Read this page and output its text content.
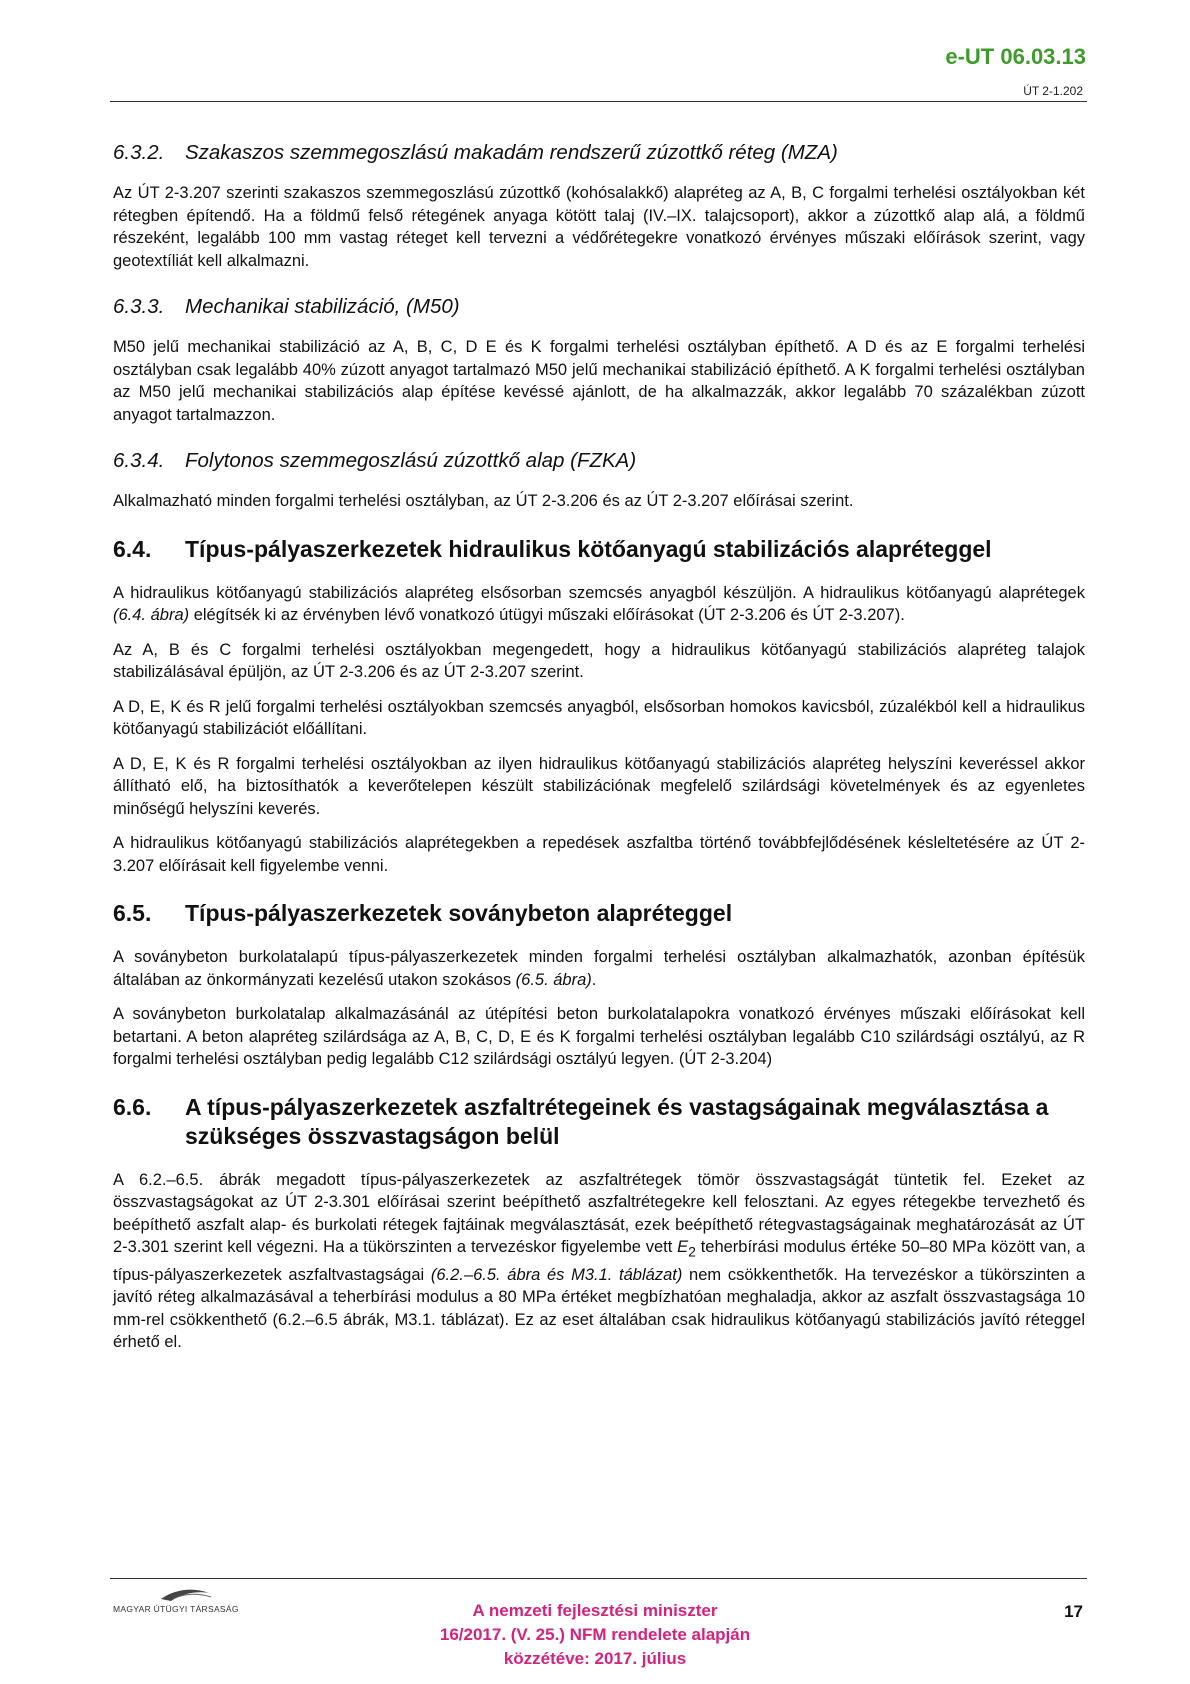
e-UT 06.03.13
ÚT 2-1.202
6.3.2. Szakaszos szemmegoszlású makadám rendszerű zúzottkő réteg (MZA)

Az ÚT 2-3.207 szerinti szakaszos szemmegoszlású zúzottkő (kohósalakkő) alapréteg az A, B, C forgalmi terhelési osztályokban két rétegben építendő. Ha a földmű felső rétegének anyaga kötött talaj (IV.–IX. talajcsoport), akkor a zúzottkő alap alá, a földmű részeként, legalább 100 mm vastag réteget kell tervezni a védőrétegekre vonatkozó érvényes műszaki előírások szerint, vagy geotextíliát kell alkalmazni.

6.3.3. Mechanikai stabilizáció, (M50)

M50 jelű mechanikai stabilizáció az A, B, C, D E és K forgalmi terhelési osztályban építhető. A D és az E forgalmi terhelési osztályban csak legalább 40% zúzott anyagot tartalmazó M50 jelű mechanikai stabilizáció építhető. A K forgalmi terhelési osztályban az M50 jelű mechanikai stabilizációs alap építése kevéssé ajánlott, de ha alkalmazzák, akkor legalább 70 százalékban zúzott anyagot tartalmazzon.

6.3.4. Folytonos szemmegoszlású zúzottkő alap (FZKA)

Alkalmazható minden forgalmi terhelési osztályban, az ÚT 2-3.206 és az ÚT 2-3.207 előírásai szerint.

6.4.	Típus-pályaszerkezetek hidraulikus kötőanyagú stabilizációs alapréteggel

A hidraulikus kötőanyagú stabilizációs alapréteg elsősorban szemcsés anyagból készüljön. A hidraulikus kötőanyagú alaprétegek (6.4. ábra) elégítsék ki az érvényben lévő vonatkozó útügyi műszaki előírásokat (ÚT 2-3.206 és ÚT 2-3.207).

Az A, B és C forgalmi terhelési osztályokban megengedett, hogy a hidraulikus kötőanyagú stabilizációs alapréteg talajok stabilizálásával épüljön, az ÚT 2-3.206 és az ÚT 2-3.207 szerint.

A D, E, K és R jelű forgalmi terhelési osztályokban szemcsés anyagból, elsősorban homokos kavicsból, zúzalékból kell a hidraulikus kötőanyagú stabilizációt előállítani.

A D, E, K és R forgalmi terhelési osztályokban az ilyen hidraulikus kötőanyagú stabilizációs alapréteg helyszíni keveréssel akkor állítható elő, ha biztosíthatók a keverőtelepen készült stabilizációnak megfelelő szilárdsági követelmények és az egyenletes minőségű helyszíni keverés.

A hidraulikus kötőanyagú stabilizációs alaprétegekben a repedések aszfaltba történő továbbfejlődésének késleltetésére az ÚT 2-3.207 előírásait kell figyelembe venni.

6.5.	Típus-pályaszerkezetek soványbeton alapréteggel

A soványbeton burkolatalapú típus-pályaszerkezetek minden forgalmi terhelési osztályban alkalmazhatók, azonban építésük általában az önkormányzati kezelésű utakon szokásos (6.5. ábra).

A soványbeton burkolatalap alkalmazásánál az útépítési beton burkolatalapokra vonatkozó érvényes műszaki előírásokat kell betartani. A beton alapréteg szilárdsága az A, B, C, D, E és K forgalmi terhelési osztályban legalább C10 szilárdsági osztályú, az R forgalmi terhelési osztályban pedig legalább C12 szilárdsági osztályú legyen. (ÚT 2-3.204)

6.6.	A típus-pályaszerkezetek aszfaltrétegeinek és vastagságainak megválasztása a szükséges összvastagságon belül

A 6.2.–6.5. ábrák megadott típus-pályaszerkezetek az aszfaltrétegek tömör összvastagságát tüntetik fel. Ezeket az összvastagságokat az ÚT 2-3.301 előírásai szerint beépíthető aszfaltrétegekre kell felosztani. Az egyes rétegekbe tervezhető és beépíthető aszfalt alap- és burkolati rétegek fajtáinak megválasztását, ezek beépíthető rétegvastagságainak meghatározását az ÚT 2-3.301 szerint kell végezni. Ha a tükörszinten a tervezéskor figyelembe vett $E_2$ teherbírási modulus értéke 50–80 MPa között van, a típus-pályaszerkezetek aszfaltvastagságai (6.2.–6.5. ábra és M3.1. táblázat) nem csökkenthetők. Ha tervezéskor a tükörszinten a javító réteg alkalmazásával a teherbírási modulus a 80 MPa értéket megbízhatóan meghaladja, akkor az aszfalt összvastagsága 10 mm-rel csökkenthető (6.2.–6.5 ábrák, M3.1. táblázat). Ez az eset általában csak hidraulikus kötőanyagú stabilizációs javító réteggel érhető el.

MAGYAR ÚTÜGYI TÁRSASÁG	A nemzeti fejlesztési miniszter
16/2017. (V. 25.) NFM rendelete alapján
közzétéve: 2017. július
17
